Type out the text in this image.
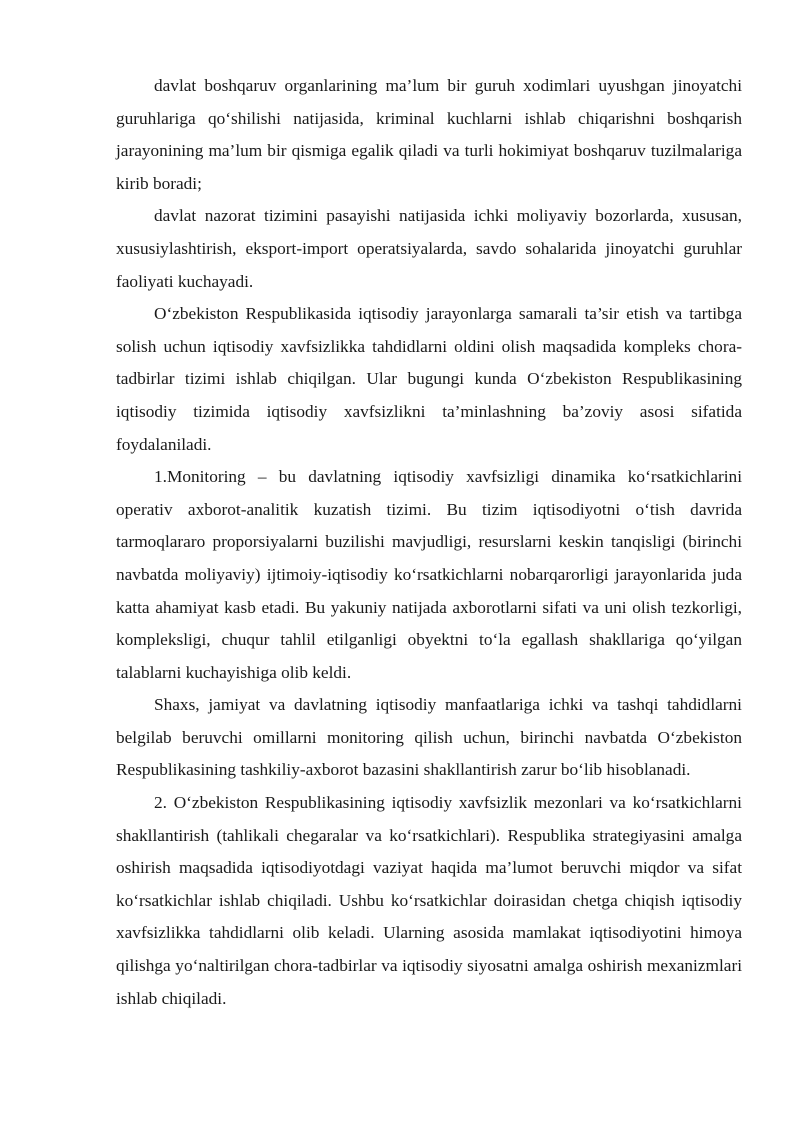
davlat boshqaruv organlarining ma’lum bir guruh xodimlari uyushgan jinoyatchi guruhlariga qo‘shilishi natijasida, kriminal kuchlarni ishlab chiqarishni boshqarish jarayonining ma’lum bir qismiga egalik qiladi va turli hokimiyat boshqaruv tuzilmalariga kirib boradi;

davlat nazorat tizimini pasayishi natijasida ichki moliyaviy bozorlarda, xususan, xususiylashtirish, eksport-import operatsiyalarda, savdo sohalarida jinoyatchi guruhlar faoliyati kuchayadi.

O‘zbekiston Respublikasida iqtisodiy jarayonlarga samarali ta’sir etish va tartibga solish uchun iqtisodiy xavfsizlikka tahdidlarni oldini olish maqsadida kompleks chora-tadbirlar tizimi ishlab chiqilgan. Ular bugungi kunda O‘zbekiston Respublikasining iqtisodiy tizimida iqtisodiy xavfsizlikni ta’minlashning ba’zoviy asosi sifatida foydalaniladi.

1.Monitoring – bu davlatning iqtisodiy xavfsizligi dinamika ko‘rsatkichlarini operativ axborot-analitik kuzatish tizimi. Bu tizim iqtisodiyotni o‘tish davrida tarmoqlararo proporsiyalarni buzilishi mavjudligi, resurslarni keskin tanqisligi (birinchi navbatda moliyaviy) ijtimoiy-iqtisodiy ko‘rsatkichlarni nobarqarorligi jarayonlarida juda katta ahamiyat kasb etadi. Bu yakuniy natijada axborotlarni sifati va uni olish tezkorligi, kompleksligi, chuqur tahlil etilganligi obyektni to‘la egallash shakllariga qo‘yilgan talablarni kuchayishiga olib keldi.

Shaxs, jamiyat va davlatning iqtisodiy manfaatlariga ichki va tashqi tahdidlarni belgilab beruvchi omillarni monitoring qilish uchun, birinchi navbatda O‘zbekiston Respublikasining tashkiliy-axborot bazasini shakllantirish zarur bo‘lib hisoblanadi.

2. O‘zbekiston Respublikasining iqtisodiy xavfsizlik mezonlari va ko‘rsatkichlarni shakllantirish (tahlikali chegaralar va ko‘rsatkichlari). Respublika strategiyasini amalga oshirish maqsadida iqtisodiyotdagi vaziyat haqida ma’lumot beruvchi miqdor va sifat ko‘rsatkichlar ishlab chiqiladi. Ushbu ko‘rsatkichlar doirasidan chetga chiqish iqtisodiy xavfsizlikka tahdidlarni olib keladi. Ularning asosida mamlakat iqtisodiyotini himoya qilishga yo‘naltirilgan chora-tadbirlar va iqtisodiy siyosatni amalga oshirish mexanizmlari ishlab chiqiladi.
